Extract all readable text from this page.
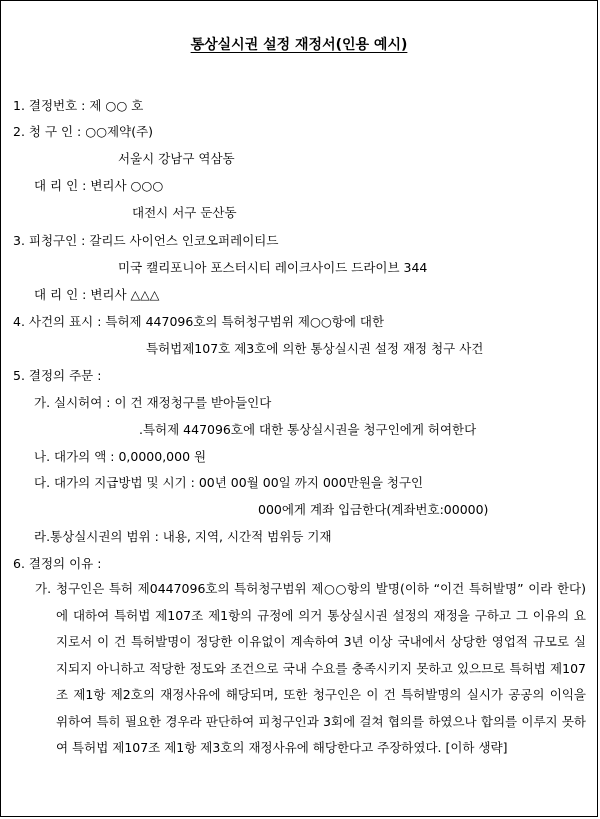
통상실시권 설정 재정서(인용 예시)
1. 결정번호 : 제 ○○ 호
2. 청 구 인 : ○○제약(주)
서울시 강남구 역삼동
대 리 인 : 변리사 ○○○
대전시 서구 둔산동
3. 피청구인 : 갈리드 사이언스 인코오퍼레이티드
미국 캘리포니아 포스터시티 레이크사이드 드라이브 344
대 리 인 : 변리사 △△△
4. 사건의 표시 : 특허제 447096호의 특허청구범위 제○○항에 대한
특허법제107호 제3호에 의한 통상실시권 설정 재정 청구 사건
5. 결정의 주문 :
가. 실시허여 : 이 건 재정청구를 받아들인다
.특허제 447096호에 대한 통상실시권을 청구인에게 허여한다
나. 대가의 액 : 0,0000,000 원
다. 대가의 지급방법 및 시기 : 00년 00월 00일 까지 000만원을 청구인
000에게 계좌 입금한다(계좌번호:00000)
라.통상실시권의 범위 : 내용, 지역, 시간적 범위등 기재
6. 결정의 이유 :
가. 청구인은 특허 제0447096호의 특허청구범위 제○○항의 발명(이하 “이건 특허발명” 이라 한다)에 대하여 특허법 제107조 제1항의 규정에 의거 통상실시권 설정의 재정을 구하고 그 이유의 요지로서 이 건 특허발명이 정당한 이유없이 계속하여 3년 이상 국내에서 상당한 영업적 규모로 실지되지 아니하고 적당한 정도와 조건으로 국내 수요를 충족시키지 못하고 있으므로 특허법 제107조 제1항 제2호의 재정사유에 해당되며, 또한 청구인은 이 건 특허발명의 실시가 공공의 이익을 위하여 특히 필요한 경우라 판단하여 피청구인과 3회에 걸쳐 협의를 하였으나 합의를 이루지 못하여 특허법 제107조 제1항 제3호의 재정사유에 해당한다고 주장하였다. [이하 생략]
